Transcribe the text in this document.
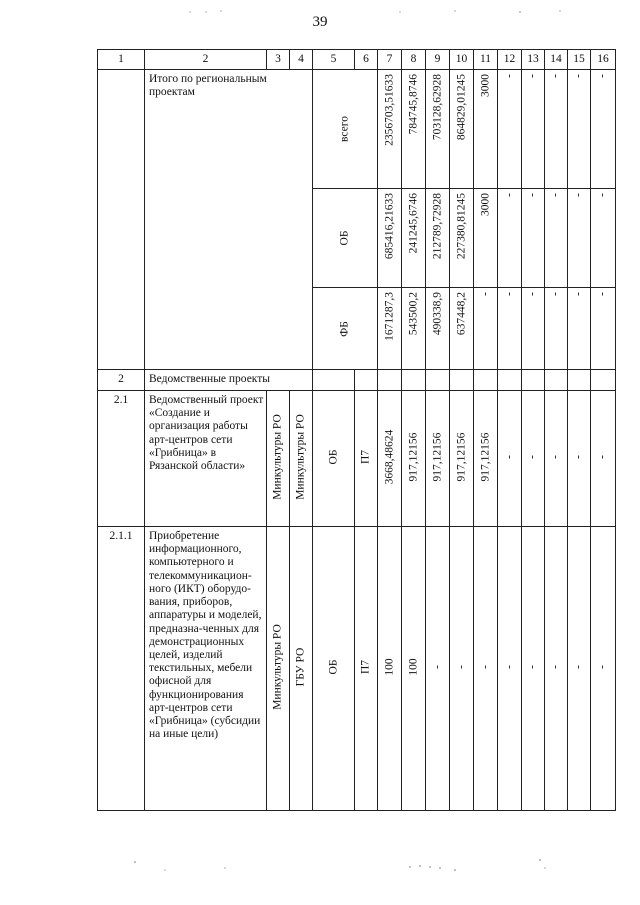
39
1	2	3	4	5	6	7	8	9	10	11	12	13	14	15	16
	Итого по региональным проектам			всего		2356703,51633	784745,8746	703128,62928	864829,01245	3000	-	-	-	-	-

				ОБ		685416,21633	241245,6746	212789,72928	227380,81245	3000	-	-	-	-	-

				ФБ		1671287,3	543500,2	490338,9	637448,2	-	-	-	-	-	-

2	Ведомственные проекты														
2.1	Ведомственный проект «Создание и организация работы арт-центров сети «Грибница» в Рязанской области»	Минкультуры РО	Минкультуры РО	ОБ	П7	3668,48624	917,12156	917,12156	917,12156	917,12156	-	-	-	-	-

2.1.1	Приобретение информационного, компьютерного и телекоммуникацион-ного (ИКТ) оборудо-вания, приборов, аппаратуры и моделей, предназна-ченных для демонстрационных целей, изделий текстильных, мебели офисной для функционирования арт-центров сети «Грибница» (субсидии на иные цели)	Минкультуры РО	ГБУ РО	ОБ	П7	100	100	-	-	-	-	-	-	-	-
